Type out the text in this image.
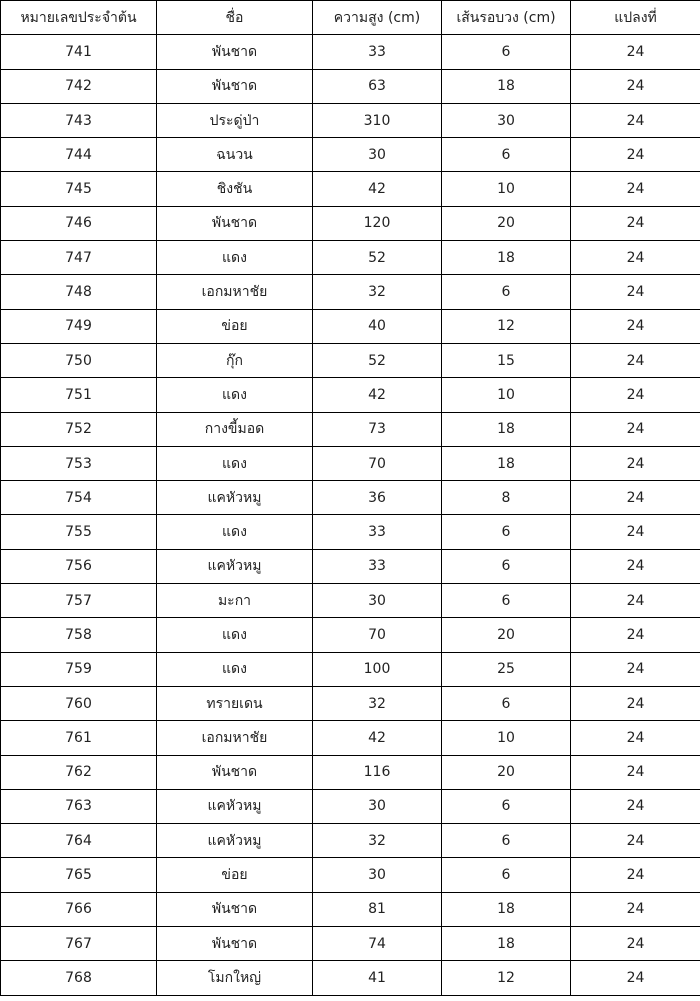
หมายเลขประจำต้น	ชื่อ	ความสูง (cm)	เส้นรอบวง (cm)	แปลงที่
741	พันชาด	33	6	24
742	พันชาด	63	18	24
743	ประดู่ป่า	310	30	24
744	ฉนวน	30	6	24
745	ชิงชัน	42	10	24
746	พันชาด	120	20	24
747	แดง	52	18	24
748	เอกมหาชัย	32	6	24
749	ข่อย	40	12	24
750	กุ๊ก	52	15	24
751	แดง	42	10	24
752	กางขี้มอด	73	18	24
753	แดง	70	18	24
754	แคหัวหมู	36	8	24
755	แดง	33	6	24
756	แคหัวหมู	33	6	24
757	มะกา	30	6	24
758	แดง	70	20	24
759	แดง	100	25	24
760	ทรายเดน	32	6	24
761	เอกมหาชัย	42	10	24
762	พันชาด	116	20	24
763	แคหัวหมู	30	6	24
764	แคหัวหมู	32	6	24
765	ข่อย	30	6	24
766	พันชาด	81	18	24
767	พันชาด	74	18	24
768	โมกใหญ่	41	12	24
